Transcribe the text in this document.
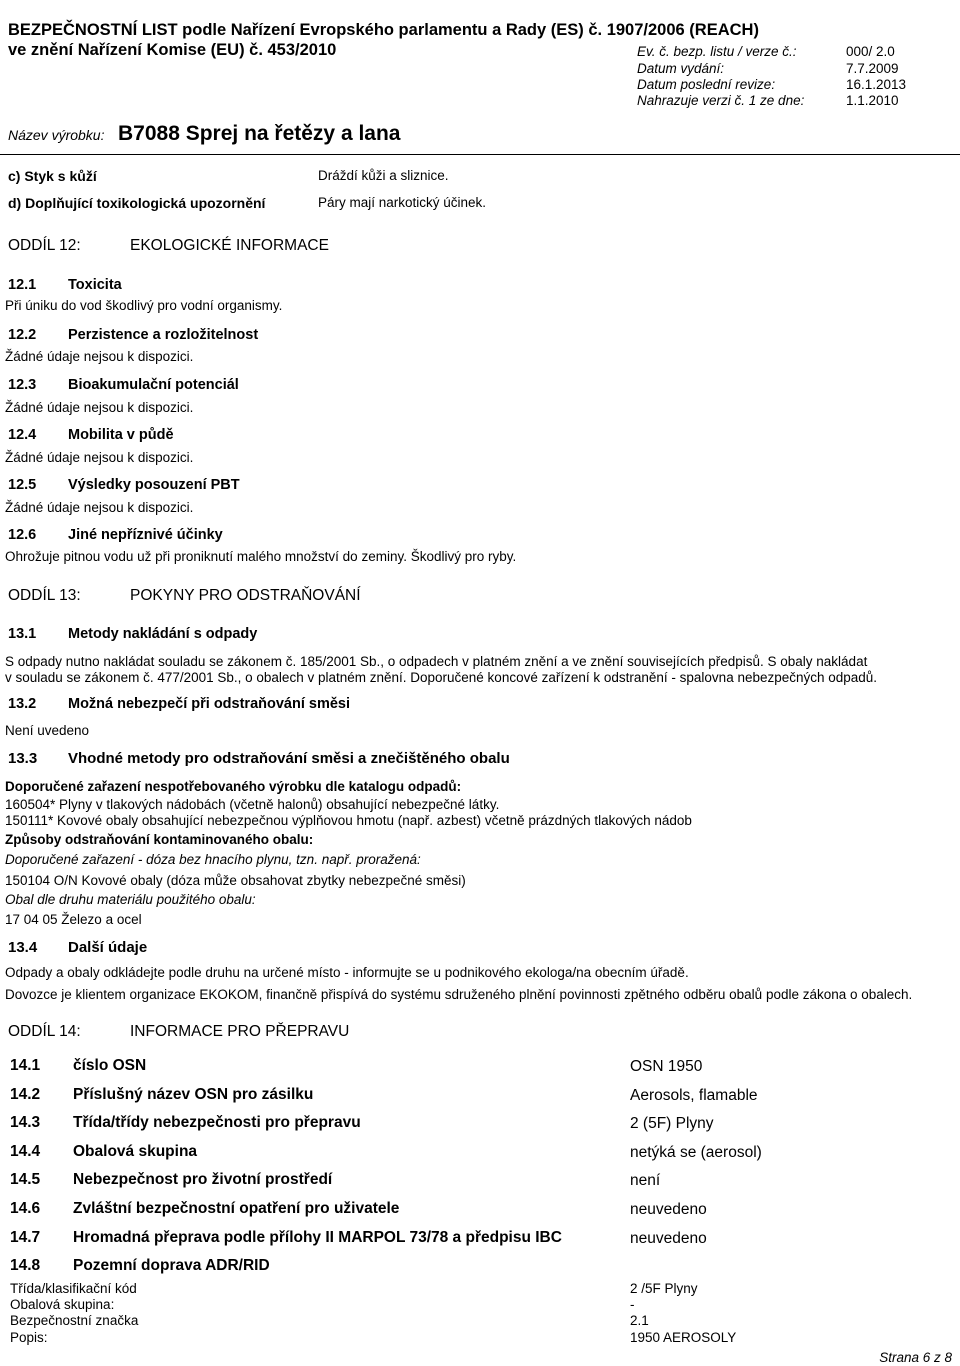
BEZPEČNOSTNÍ LIST podle Nařízení Evropského parlamentu a Rady (ES) č. 1907/2006 (REACH)
ve znění Nařízení Komise (EU) č. 453/2010	Ev. č. bezp. listu / verze č.:	000/ 2.0
Datum vydání:	7.7.2009
Datum poslední revize:	16.1.2013
Nahrazuje verzi č. 1 ze dne:	1.1.2010
Název výrobku: B7088 Sprej na řetězy a lana
c) Styk s kůží	Dráždí kůži a sliznice.
d) Doplňující toxikologická upozornění	Páry mají narkotický účinek.
ODDÍL 12:	EKOLOGICKÉ INFORMACE
12.1 Toxicita
Při úniku do vod škodlivý pro vodní organismy.
12.2 Perzistence a rozložitelnost
Žádné údaje nejsou k dispozici.
12.3 Bioakumulační potenciál
Žádné údaje nejsou k dispozici.
12.4 Mobilita v půdě
Žádné údaje nejsou k dispozici.
12.5 Výsledky posouzení PBT
Žádné údaje nejsou k dispozici.
12.6 Jiné nepříznivé účinky
Ohrožuje pitnou vodu už při proniknutí malého množství do zeminy. Škodlivý pro ryby.
ODDÍL 13:	POKYNY PRO ODSTRAŇOVÁNÍ
13.1 Metody nakládání s odpady
S odpady nutno nakládat souladu se zákonem č. 185/2001 Sb., o odpadech v platném znění a ve znění souvisejících předpisů. S obaly nakládat
v souladu se zákonem č. 477/2001 Sb., o obalech v platném znění. Doporučené koncové zařízení k odstranění - spalovna nebezpečných odpadů.
13.2 Možná nebezpečí při odstraňování směsi
Není uvedeno
13.3 Vhodné metody pro odstraňování směsi a znečištěného obalu
Doporučené zařazení nespotřebovaného výrobku dle katalogu odpadů:
160504* Plyny v tlakových nádobách (včetně halonů) obsahující nebezpečné látky.
150111* Kovové obaly obsahující nebezpečnou výplňovou hmotu (např. azbest) včetně prázdných tlakových nádob
Způsoby odstraňování kontaminovaného obalu:
Doporučené zařazení - dóza bez hnacího plynu, tzn. např. proražená:
150104 O/N Kovové obaly (dóza může obsahovat zbytky nebezpečné směsi)
Obal dle druhu materiálu použitého obalu:
17 04 05 Železo a ocel
13.4 Další údaje
Odpady a obaly odkládejte podle druhu na určené místo - informujte se u podnikového ekologa/na obecním úřadě.
Dovozce je klientem organizace EKOKOM, finančně přispívá do systému sdruženého plnění povinnosti zpětného odběru obalů podle zákona o obalech.
ODDÍL 14:	INFORMACE PRO PŘEPRAVU
14.1 číslo OSN	OSN 1950
14.2 Příslušný název OSN pro zásilku	Aerosols, flamable
14.3 Třída/třídy nebezpečnosti pro přepravu	2 (5F) Plyny
14.4 Obalová skupina	netýká se (aerosol)
14.5 Nebezpečnost pro životní prostředí	není
14.6 Zvláštní bezpečnostní opatření pro uživatele	neuvedeno
14.7 Hromadná přeprava podle přílohy II MARPOL 73/78 a předpisu IBC	neuvedeno
14.8 Pozemní doprava ADR/RID
Třída/klasifikační kód	2 /5F Plyny
Obalová skupina:	-
Bezpečnostní značka	2.1
Popis:	1950 AEROSOLY
Strana 6 z 8
